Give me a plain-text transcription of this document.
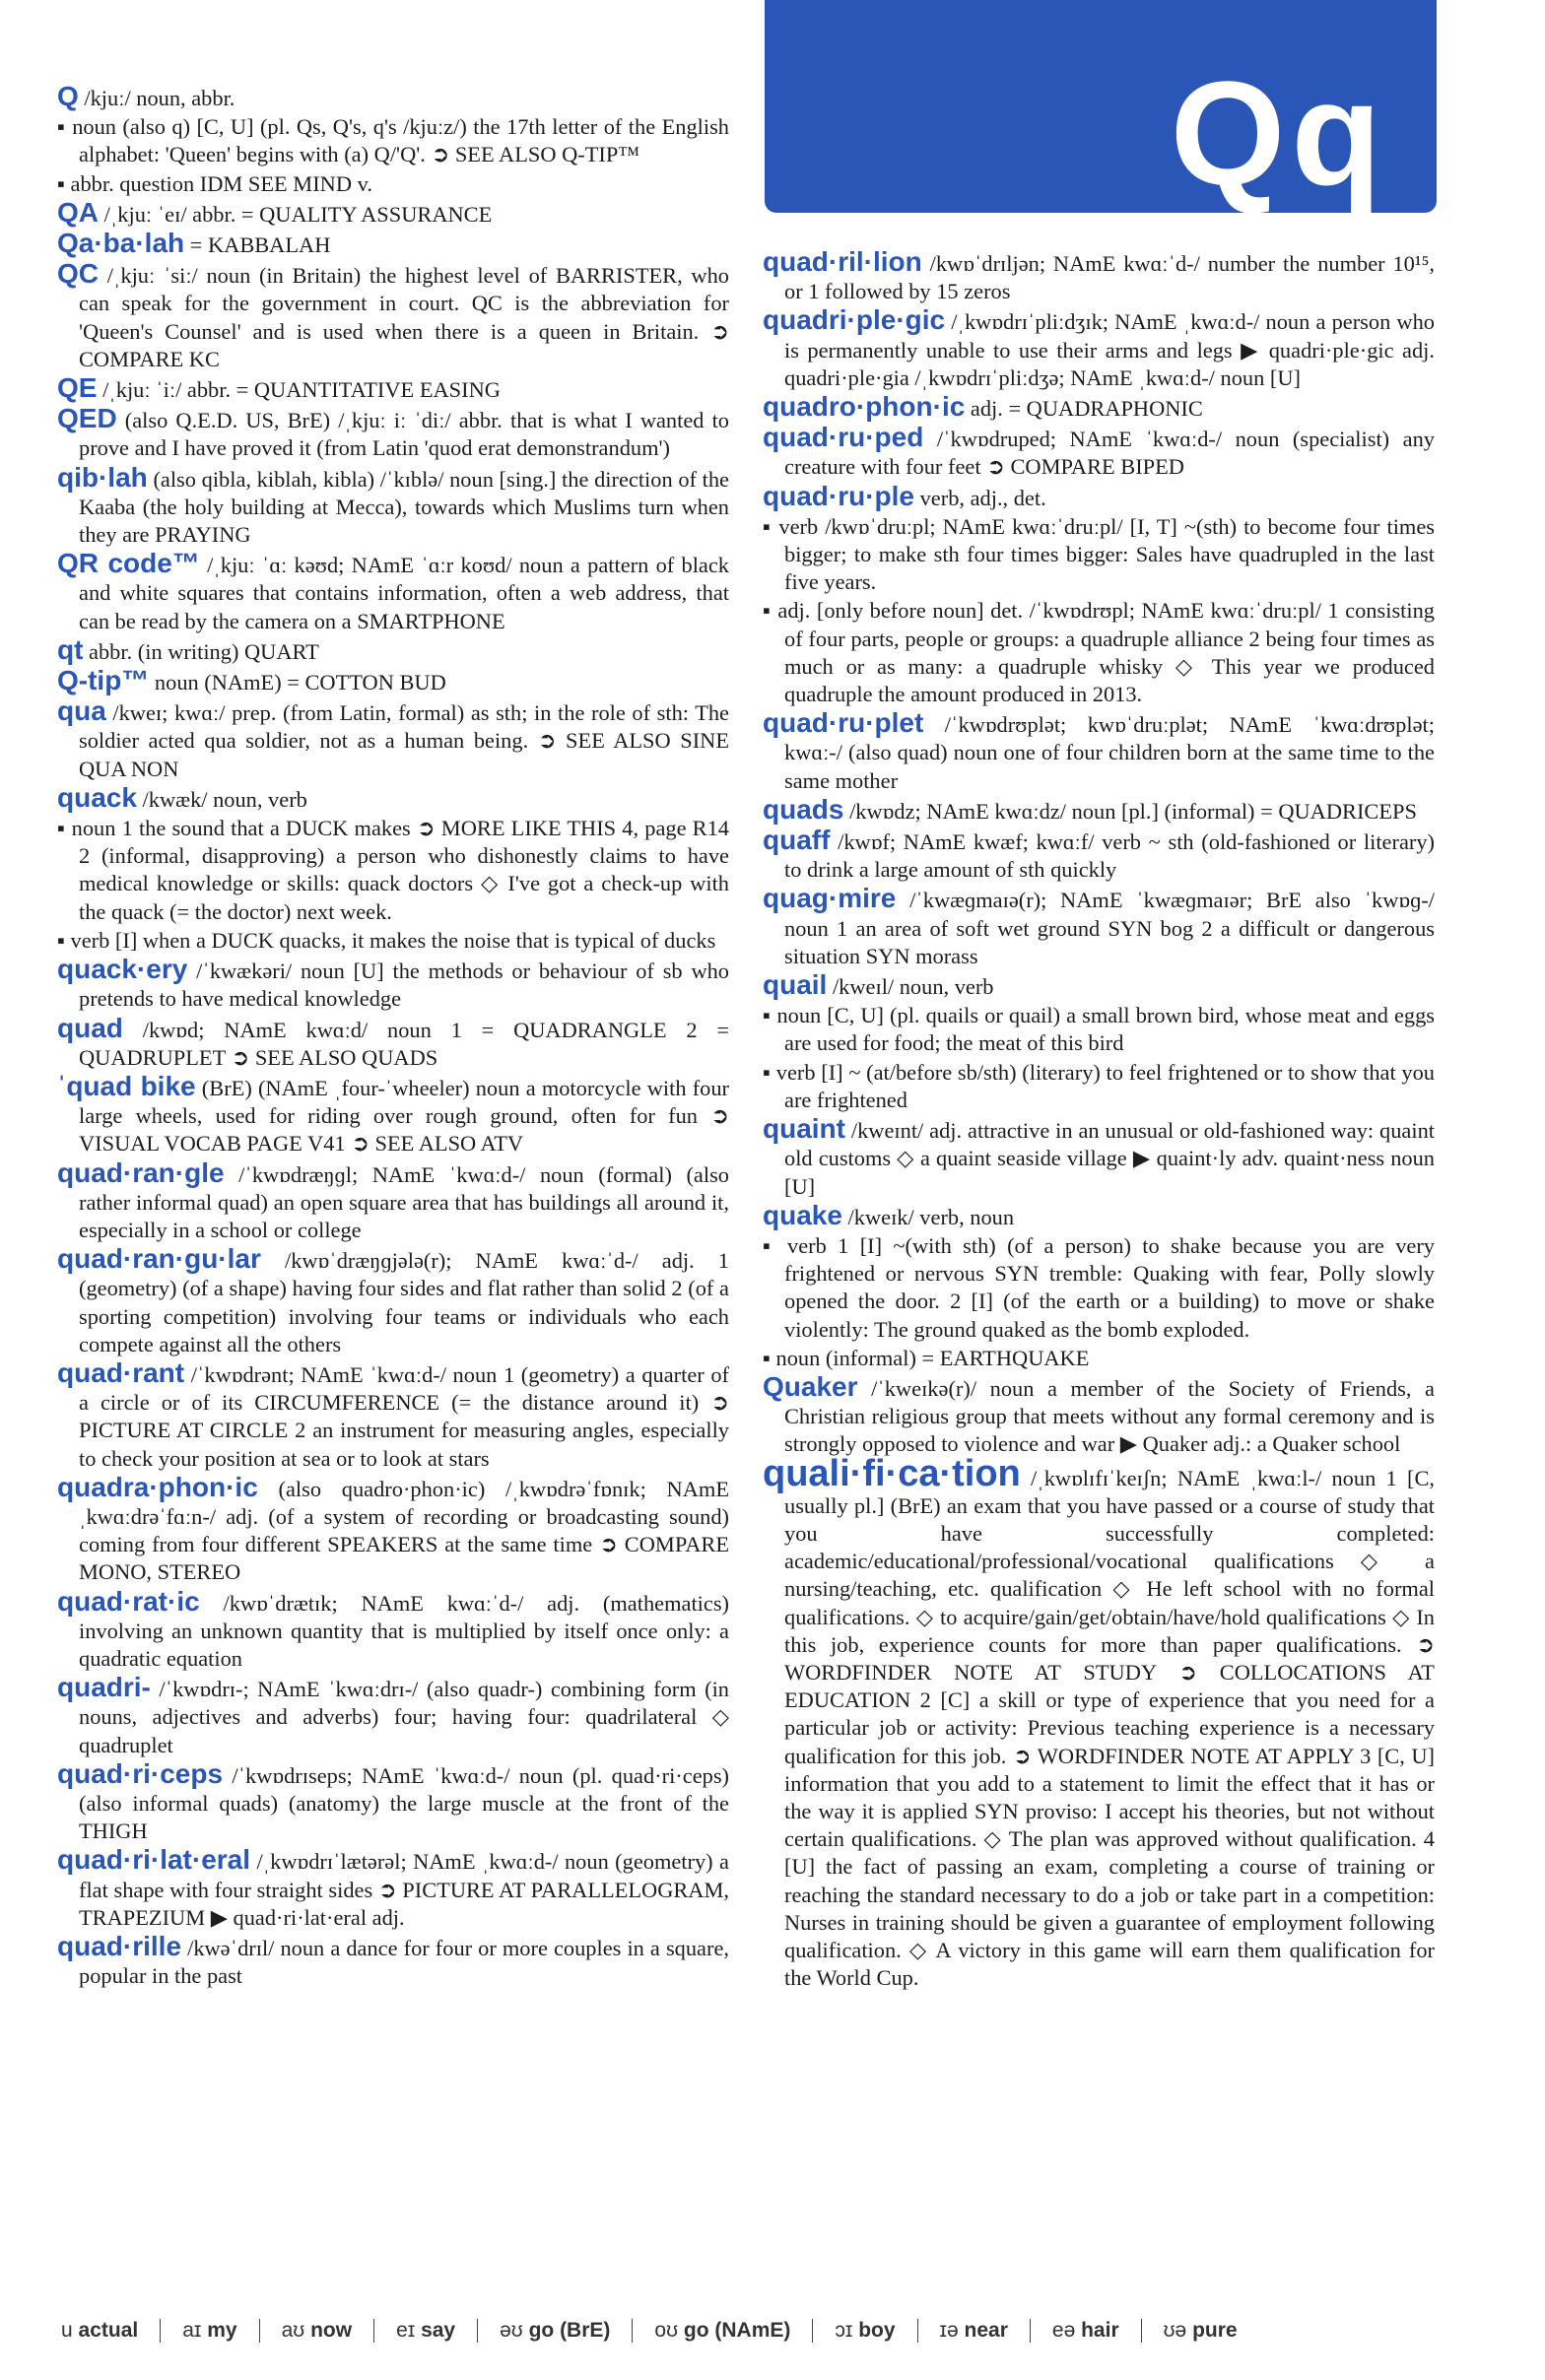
Qq

Q /kjuː/ noun, abbr.

▪ noun (also q) [C, U] (pl. Qs, Q's, q's /kjuːz/) the 17th letter of the English alphabet: 'Queen' begins with (a) Q/'Q'. ➲ SEE ALSO Q-TIP™

▪ abbr. question IDM SEE MIND v.

QA /ˌkjuː ˈeɪ/ abbr. = QUALITY ASSURANCE

Qa·ba·lah = KABBALAH

QC /ˌkjuː ˈsiː/ noun (in Britain) the highest level of BARRISTER, who can speak for the government in court. QC is the abbreviation for 'Queen's Counsel' and is used when there is a queen in Britain. ➲ COMPARE KC

QE /ˌkjuː ˈiː/ abbr. = QUANTITATIVE EASING

QED (also Q.E.D. US, BrE) /ˌkjuː iː ˈdiː/ abbr. that is what I wanted to prove and I have proved it (from Latin 'quod erat demonstrandum')

qib·lah (also qibla, kiblah, kibla) /ˈkɪblə/ noun [sing.] the direction of the Kaaba (the holy building at Mecca), towards which Muslims turn when they are PRAYING

QR code™ /ˌkjuː ˈɑː kəʊd; NAmE ˈɑːr koʊd/ noun a pattern of black and white squares that contains information, often a web address, that can be read by the camera on a SMARTPHONE

qt abbr. (in writing) QUART

Q-tip™ noun (NAmE) = COTTON BUD

qua /kweɪ; kwɑː/ prep. (from Latin, formal) as sth; in the role of sth: The soldier acted qua soldier, not as a human being. ➲ SEE ALSO SINE QUA NON

quack /kwæk/ noun, verb

▪ noun 1 the sound that a DUCK makes ➲ MORE LIKE THIS 4, page R14 2 (informal, disapproving) a person who dishonestly claims to have medical knowledge or skills: quack doctors ◇ I've got a check-up with the quack (= the doctor) next week.

▪ verb [I] when a DUCK quacks, it makes the noise that is typical of ducks

quack·ery /ˈkwækəri/ noun [U] the methods or behaviour of sb who pretends to have medical knowledge

quad /kwɒd; NAmE kwɑːd/ noun 1 = QUADRANGLE 2 = QUADRUPLET ➲ SEE ALSO QUADS

ˈquad bike (BrE) (NAmE ˌfour-ˈwheeler) noun a motorcycle with four large wheels, used for riding over rough ground, often for fun ➲ VISUAL VOCAB PAGE V41 ➲ SEE ALSO ATV

quad·ran·gle /ˈkwɒdræŋɡl; NAmE ˈkwɑːd-/ noun (formal) (also rather informal quad) an open square area that has buildings all around it, especially in a school or college

quad·ran·gu·lar /kwɒˈdræŋɡjələ(r); NAmE kwɑːˈd-/ adj. 1 (geometry) (of a shape) having four sides and flat rather than solid 2 (of a sporting competition) involving four teams or individuals who each compete against all the others

quad·rant /ˈkwɒdrənt; NAmE ˈkwɑːd-/ noun 1 (geometry) a quarter of a circle or of its CIRCUMFERENCE (= the distance around it) ➲ PICTURE AT CIRCLE 2 an instrument for measuring angles, especially to check your position at sea or to look at stars

quadra·phon·ic (also quadro·phon·ic) /ˌkwɒdrəˈfɒnɪk; NAmE ˌkwɑːdrəˈfɑːn-/ adj. (of a system of recording or broadcasting sound) coming from four different SPEAKERS at the same time ➲ COMPARE MONO, STEREO

quad·rat·ic /kwɒˈdrætɪk; NAmE kwɑːˈd-/ adj. (mathematics) involving an unknown quantity that is multiplied by itself once only: a quadratic equation

quadri- /ˈkwɒdrɪ-; NAmE ˈkwɑːdrɪ-/ (also quadr-) combining form (in nouns, adjectives and adverbs) four; having four: quadrilateral ◇ quadruplet

quad·ri·ceps /ˈkwɒdrɪseps; NAmE ˈkwɑːd-/ noun (pl. quad·ri·ceps) (also informal quads) (anatomy) the large muscle at the front of the THIGH

quad·ri·lat·eral /ˌkwɒdrɪˈlætərəl; NAmE ˌkwɑːd-/ noun (geometry) a flat shape with four straight sides ➲ PICTURE AT PARALLELOGRAM, TRAPEZIUM ▶ quad·ri·lat·eral adj.

quad·rille /kwəˈdrɪl/ noun a dance for four or more couples in a square, popular in the past

quad·ril·lion /kwɒˈdrɪljən; NAmE kwɑːˈd-/ number the number 10¹⁵, or 1 followed by 15 zeros

quadri·ple·gic /ˌkwɒdrɪˈpliːdʒɪk; NAmE ˌkwɑːd-/ noun a person who is permanently unable to use their arms and legs ▶ quadri·ple·gic adj. quadri·ple·gia /ˌkwɒdrɪˈpliːdʒə; NAmE ˌkwɑːd-/ noun [U]

quadro·phon·ic adj. = QUADRAPHONIC

quad·ru·ped /ˈkwɒdruped; NAmE ˈkwɑːd-/ noun (specialist) any creature with four feet ➲ COMPARE BIPED

quad·ru·ple verb, adj., det.

▪ verb /kwɒˈdruːpl; NAmE kwɑːˈdruːpl/ [I, T] ~(sth) to become four times bigger; to make sth four times bigger: Sales have quadrupled in the last five years.

▪ adj. [only before noun] det. /ˈkwɒdrʊpl; NAmE kwɑːˈdruːpl/ 1 consisting of four parts, people or groups: a quadruple alliance 2 being four times as much or as many: a quadruple whisky ◇ This year we produced quadruple the amount produced in 2013.

quad·ru·plet /ˈkwɒdrʊplət; kwɒˈdruːplət; NAmE ˈkwɑːdrʊplət; kwɑː-/ (also quad) noun one of four children born at the same time to the same mother

quads /kwɒdz; NAmE kwɑːdz/ noun [pl.] (informal) = QUADRICEPS

quaff /kwɒf; NAmE kwæf; kwɑːf/ verb ~ sth (old-fashioned or literary) to drink a large amount of sth quickly

quag·mire /ˈkwæɡmaɪə(r); NAmE ˈkwæɡmaɪər; BrE also ˈkwɒɡ-/ noun 1 an area of soft wet ground SYN bog 2 a difficult or dangerous situation SYN morass

quail /kweɪl/ noun, verb

▪ noun [C, U] (pl. quails or quail) a small brown bird, whose meat and eggs are used for food; the meat of this bird

▪ verb [I] ~ (at/before sb/sth) (literary) to feel frightened or to show that you are frightened

quaint /kweɪnt/ adj. attractive in an unusual or old-fashioned way: quaint old customs ◇ a quaint seaside village ▶ quaint·ly adv. quaint·ness noun [U]

quake /kweɪk/ verb, noun

▪ verb 1 [I] ~(with sth) (of a person) to shake because you are very frightened or nervous SYN tremble: Quaking with fear, Polly slowly opened the door. 2 [I] (of the earth or a building) to move or shake violently: The ground quaked as the bomb exploded.

▪ noun (informal) = EARTHQUAKE

Quaker /ˈkweɪkə(r)/ noun a member of the Society of Friends, a Christian religious group that meets without any formal ceremony and is strongly opposed to violence and war ▶ Quaker adj.: a Quaker school

quali·fi·ca·tion /ˌkwɒlɪfɪˈkeɪʃn; NAmE ˌkwɑːl-/ noun 1 [C, usually pl.] (BrE) an exam that you have passed or a course of study that you have successfully completed: academic/educational/professional/vocational qualifications ◇ a nursing/teaching, etc. qualification ◇ He left school with no formal qualifications. ◇ to acquire/gain/get/obtain/have/hold qualifications ◇ In this job, experience counts for more than paper qualifications. ➲ WORDFINDER NOTE AT STUDY ➲ COLLOCATIONS AT EDUCATION 2 [C] a skill or type of experience that you need for a particular job or activity: Previous teaching experience is a necessary qualification for this job. ➲ WORDFINDER NOTE AT APPLY 3 [C, U] information that you add to a statement to limit the effect that it has or the way it is applied SYN proviso: I accept his theories, but not without certain qualifications. ◇ The plan was approved without qualification. 4 [U] the fact of passing an exam, completing a course of training or reaching the standard necessary to do a job or take part in a competition: Nurses in training should be given a guarantee of employment following qualification. ◇ A victory in this game will earn them qualification for the World Cup.

u actual	aɪ my	aʊ now	eɪ say	əʊ go (BrE)	oʊ go (NAmE)	ɔɪ boy	ɪə near	eə hair	ʊə pure
